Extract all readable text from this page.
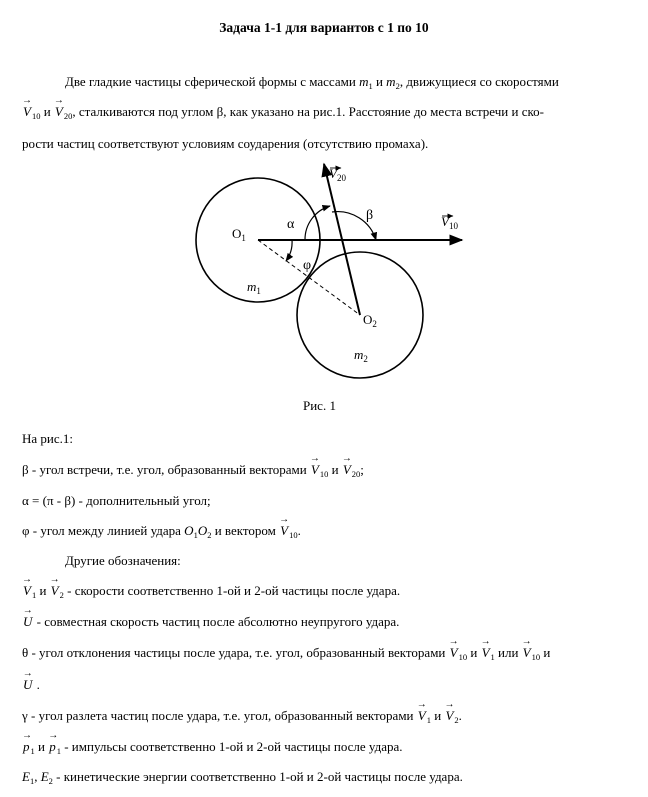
Задача 1-1 для вариантов с 1 по 10
Две гладкие частицы сферической формы с массами $m_1$ и $m_2$, движущиеся со скоростями
→ $V_{10}$ $и \to V_{20}$, сталкиваются под углом β, как указано на рис.1. Расстояние до места встречи и ско-
рости частиц соответствуют условиям соударения (отсутствию промаха).
$O_1$
$m_1$
$O_2$
$m_2$
α
β
φ
$V_{20}$
$V_{10}$
Рис. 1
На рис.1:
β - угол встречи, т.е. угол, образованный векторами → $V_{10}$ $и \to V_{20}$;
α = (π - β) - дополнительный угол;
φ - угол между линией удара $O_1O_2$ и вектором → $V_{10}$.
Другие обозначения:
→ $V_1$ $и \to V_2$ - скорости соответственно 1-ой и 2-ой частицы после удара.
→ U - совместная скорость частиц после абсолютно неупругого удара.
θ - угол отклонения частицы после удара, т.е. угол, образованный векторами → $V_{10}$ $и \to V_1$ или → $V_{10}$ и
→ U .
γ - угол разлета частиц после удара, т.е. угол, образованный векторами → $V_1$ $и \to V_2$.
→ $p_1$ $и \to p_1$ - импульсы соответственно 1-ой и 2-ой частицы после удара.
$E_1$, $E_2$ - кинетические энергии соответственно 1-ой и 2-ой частицы после удара.
